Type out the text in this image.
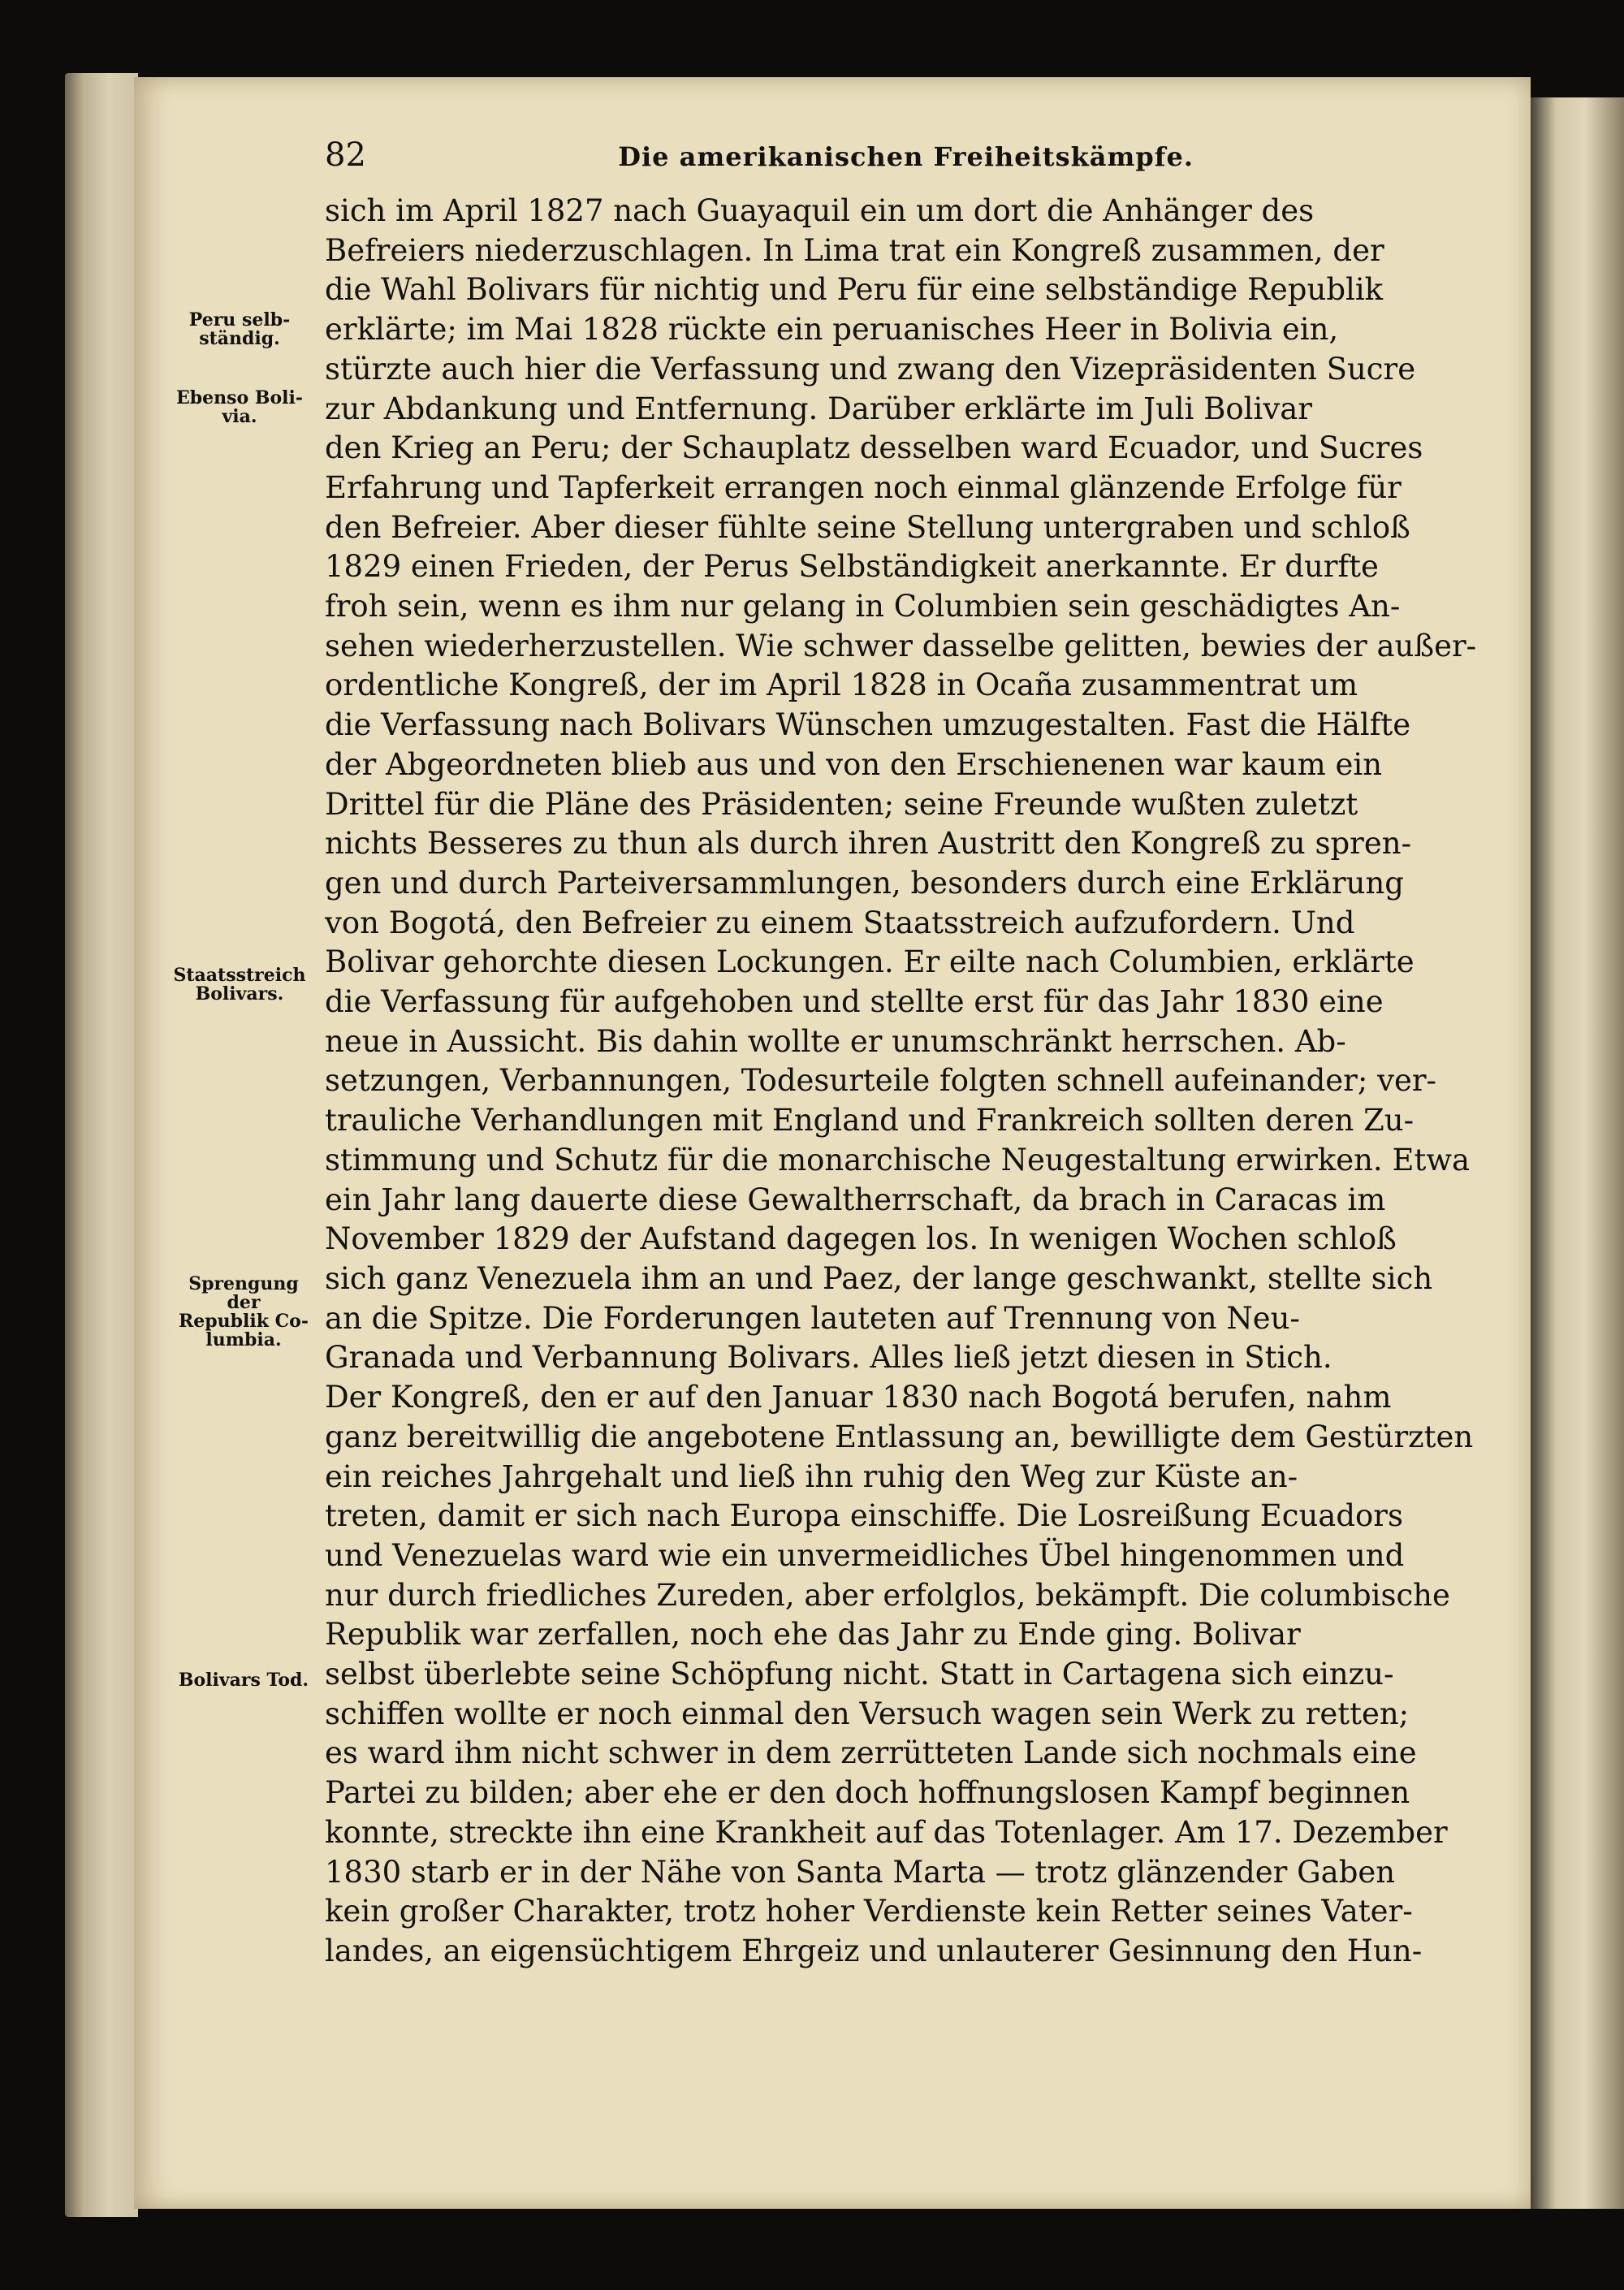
82	Die amerikanischen Freiheitskämpfe.
Peru selb-
ständig.
Ebenso Boli-
via.
Staatsstreich
Bolivars.
Sprengung der
Republik Co-
lumbia.
Bolivars Tod.
sich im April 1827 nach Guayaquil ein um dort die Anhänger des
Befreiers niederzuschlagen. In Lima trat ein Kongreß zusammen, der
die Wahl Bolivars für nichtig und Peru für eine selbständige Republik
erklärte; im Mai 1828 rückte ein peruanisches Heer in Bolivia ein,
stürzte auch hier die Verfassung und zwang den Vizepräsidenten Sucre
zur Abdankung und Entfernung. Darüber erklärte im Juli Bolivar
den Krieg an Peru; der Schauplatz desselben ward Ecuador, und Sucres
Erfahrung und Tapferkeit errangen noch einmal glänzende Erfolge für
den Befreier. Aber dieser fühlte seine Stellung untergraben und schloß
1829 einen Frieden, der Perus Selbständigkeit anerkannte. Er durfte
froh sein, wenn es ihm nur gelang in Columbien sein geschädigtes An-
sehen wiederherzustellen. Wie schwer dasselbe gelitten, bewies der außer-
ordentliche Kongreß, der im April 1828 in Ocaña zusammentrat um
die Verfassung nach Bolivars Wünschen umzugestalten. Fast die Hälfte
der Abgeordneten blieb aus und von den Erschienenen war kaum ein
Drittel für die Pläne des Präsidenten; seine Freunde wußten zuletzt
nichts Besseres zu thun als durch ihren Austritt den Kongreß zu spren-
gen und durch Parteiversammlungen, besonders durch eine Erklärung
von Bogotá, den Befreier zu einem Staatsstreich aufzufordern. Und
Bolivar gehorchte diesen Lockungen. Er eilte nach Columbien, erklärte
die Verfassung für aufgehoben und stellte erst für das Jahr 1830 eine
neue in Aussicht. Bis dahin wollte er unumschränkt herrschen. Ab-
setzungen, Verbannungen, Todesurteile folgten schnell aufeinander; ver-
trauliche Verhandlungen mit England und Frankreich sollten deren Zu-
stimmung und Schutz für die monarchische Neugestaltung erwirken. Etwa
ein Jahr lang dauerte diese Gewaltherrschaft, da brach in Caracas im
November 1829 der Aufstand dagegen los. In wenigen Wochen schloß
sich ganz Venezuela ihm an und Paez, der lange geschwankt, stellte sich
an die Spitze. Die Forderungen lauteten auf Trennung von Neu-
Granada und Verbannung Bolivars. Alles ließ jetzt diesen in Stich.
Der Kongreß, den er auf den Januar 1830 nach Bogotá berufen, nahm
ganz bereitwillig die angebotene Entlassung an, bewilligte dem Gestürzten
ein reiches Jahrgehalt und ließ ihn ruhig den Weg zur Küste an-
treten, damit er sich nach Europa einschiffe. Die Losreißung Ecuadors
und Venezuelas ward wie ein unvermeidliches Übel hingenommen und
nur durch friedliches Zureden, aber erfolglos, bekämpft. Die columbische
Republik war zerfallen, noch ehe das Jahr zu Ende ging. Bolivar
selbst überlebte seine Schöpfung nicht. Statt in Cartagena sich einzu-
schiffen wollte er noch einmal den Versuch wagen sein Werk zu retten;
es ward ihm nicht schwer in dem zerrütteten Lande sich nochmals eine
Partei zu bilden; aber ehe er den doch hoffnungslosen Kampf beginnen
konnte, streckte ihn eine Krankheit auf das Totenlager. Am 17. Dezember
1830 starb er in der Nähe von Santa Marta — trotz glänzender Gaben
kein großer Charakter, trotz hoher Verdienste kein Retter seines Vater-
landes, an eigensüchtigem Ehrgeiz und unlauterer Gesinnung den Hun-
